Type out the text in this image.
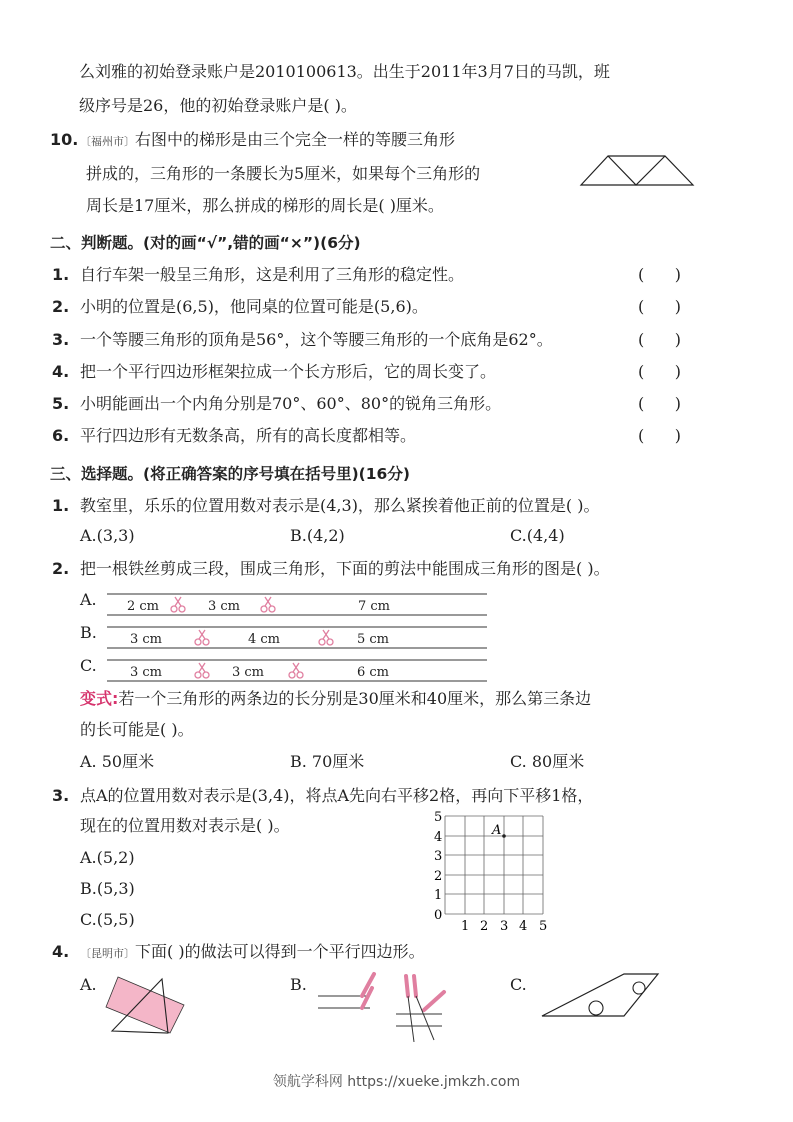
么刘雅的初始登录账户是2010100613。出生于2011年3月7日的马凯，班
级序号是26，他的初始登录账户是( )。
10. 〔福州市〕右图中的梯形是由三个完全一样的等腰三角形
拼成的，三角形的一条腰长为5厘米，如果每个三角形的
周长是17厘米，那么拼成的梯形的周长是( )厘米。
二、判断题。(对的画“√”,错的画“×”)(6分)
1. 自行车架一般呈三角形，这是利用了三角形的稳定性。	(      )
2. 小明的位置是(6,5)，他同桌的位置可能是(5,6)。	(      )
3. 一个等腰三角形的顶角是56°，这个等腰三角形的一个底角是62°。	(      )
4. 把一个平行四边形框架拉成一个长方形后，它的周长变了。	(      )
5. 小明能画出一个内角分别是70°、60°、80°的锐角三角形。	(      )
6. 平行四边形有无数条高，所有的高长度都相等。	(      )
三、选择题。(将正确答案的序号填在括号里)(16分)
1. 教室里，乐乐的位置用数对表示是(4,3)，那么紧挨着他正前的位置是( )。
A.(3,3)	B.(4,2)	C.(4,4)
2. 把一根铁丝剪成三段，围成三角形，下面的剪法中能围成三角形的图是( )。
A. 2 cm	3 cm	7 cm
B.	3 cm	4 cm	5 cm
C.	3 cm	3 cm	6 cm
变式:若一个三角形的两条边的长分别是30厘米和40厘米，那么第三条边
的长可能是( )。
A. 50厘米	B. 70厘米	C. 80厘米
3. 点A的位置用数对表示是(3,4)，将点A先向右平移2格，再向下平移1格，
现在的位置用数对表示是( )。
A.(5,2)
B.(5,3)
C.(5,5)
5
4
3
2
1
0
1 2 3 4 5
A
4. 〔昆明市〕下面( )的做法可以得到一个平行四边形。
A.	B.	C.
领航学科网 https://xueke.jmkzh.com
